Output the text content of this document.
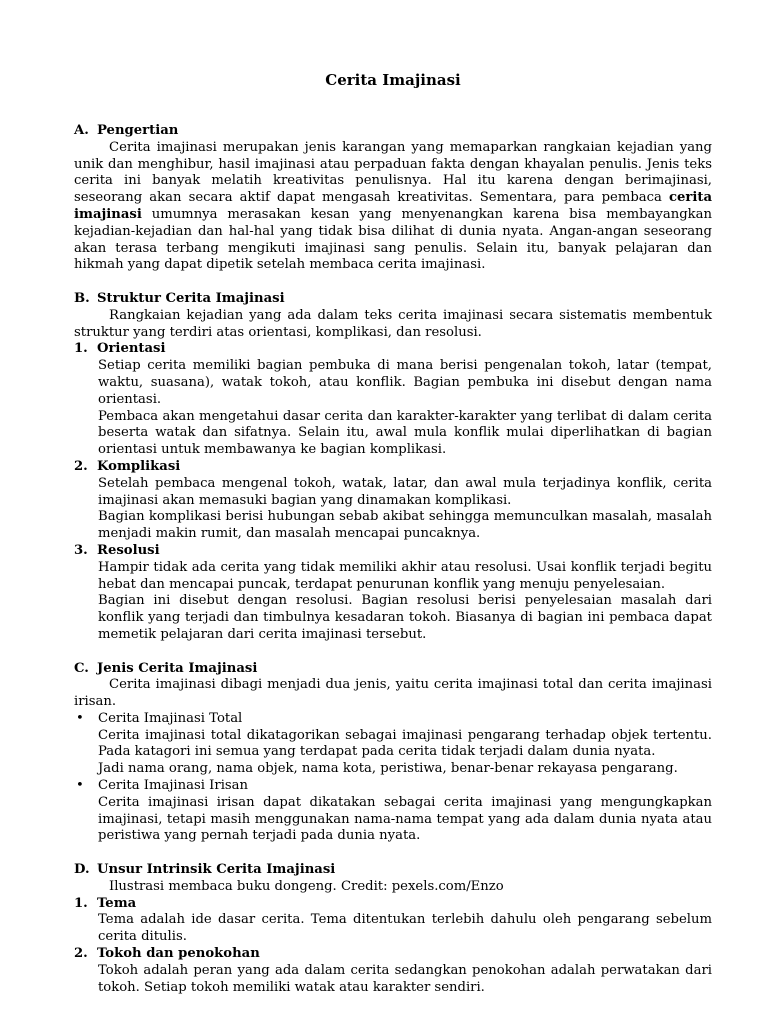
Cerita Imajinasi
A. Pengertian
Cerita imajinasi merupakan jenis karangan yang memaparkan rangkaian kejadian yang unik dan menghibur, hasil imajinasi atau perpaduan fakta dengan khayalan penulis. Jenis teks cerita ini banyak melatih kreativitas penulisnya. Hal itu karena dengan berimajinasi, seseorang akan secara aktif dapat mengasah kreativitas. Sementara, para pembaca cerita imajinasi umumnya merasakan kesan yang menyenangkan karena bisa membayangkan kejadian-kejadian dan hal-hal yang tidak bisa dilihat di dunia nyata. Angan-angan seseorang akan terasa terbang mengikuti imajinasi sang penulis. Selain itu, banyak pelajaran dan hikmah yang dapat dipetik setelah membaca cerita imajinasi.
B. Struktur Cerita Imajinasi
Rangkaian kejadian yang ada dalam teks cerita imajinasi secara sistematis membentuk struktur yang terdiri atas orientasi, komplikasi, dan resolusi.
1. Orientasi
Setiap cerita memiliki bagian pembuka di mana berisi pengenalan tokoh, latar (tempat, waktu, suasana), watak tokoh, atau konflik. Bagian pembuka ini disebut dengan nama orientasi.
Pembaca akan mengetahui dasar cerita dan karakter-karakter yang terlibat di dalam cerita beserta watak dan sifatnya. Selain itu, awal mula konflik mulai diperlihatkan di bagian orientasi untuk membawanya ke bagian komplikasi.
2. Komplikasi
Setelah pembaca mengenal tokoh, watak, latar, dan awal mula terjadinya konflik, cerita imajinasi akan memasuki bagian yang dinamakan komplikasi.
Bagian komplikasi berisi hubungan sebab akibat sehingga memunculkan masalah, masalah menjadi makin rumit, dan masalah mencapai puncaknya.
3. Resolusi
Hampir tidak ada cerita yang tidak memiliki akhir atau resolusi. Usai konflik terjadi begitu hebat dan mencapai puncak, terdapat penurunan konflik yang menuju penyelesaian.
Bagian ini disebut dengan resolusi. Bagian resolusi berisi penyelesaian masalah dari konflik yang terjadi dan timbulnya kesadaran tokoh. Biasanya di bagian ini pembaca dapat memetik pelajaran dari cerita imajinasi tersebut.
C. Jenis Cerita Imajinasi
Cerita imajinasi dibagi menjadi dua jenis, yaitu cerita imajinasi total dan cerita imajinasi irisan.
•	Cerita Imajinasi Total
Cerita imajinasi total dikatagorikan sebagai imajinasi pengarang terhadap objek tertentu. Pada katagori ini semua yang terdapat pada cerita tidak terjadi dalam dunia nyata.
Jadi nama orang, nama objek, nama kota, peristiwa, benar-benar rekayasa pengarang.
•	Cerita Imajinasi Irisan
Cerita imajinasi irisan dapat dikatakan sebagai cerita imajinasi yang mengungkapkan imajinasi, tetapi masih menggunakan nama-nama tempat yang ada dalam dunia nyata atau peristiwa yang pernah terjadi pada dunia nyata.
D. Unsur Intrinsik Cerita Imajinasi
Ilustrasi membaca buku dongeng. Credit: pexels.com/Enzo
1. Tema
Tema adalah ide dasar cerita. Tema ditentukan terlebih dahulu oleh pengarang sebelum cerita ditulis.
2. Tokoh dan penokohan
Tokoh adalah peran yang ada dalam cerita sedangkan penokohan adalah perwatakan dari tokoh. Setiap tokoh memiliki watak atau karakter sendiri.
